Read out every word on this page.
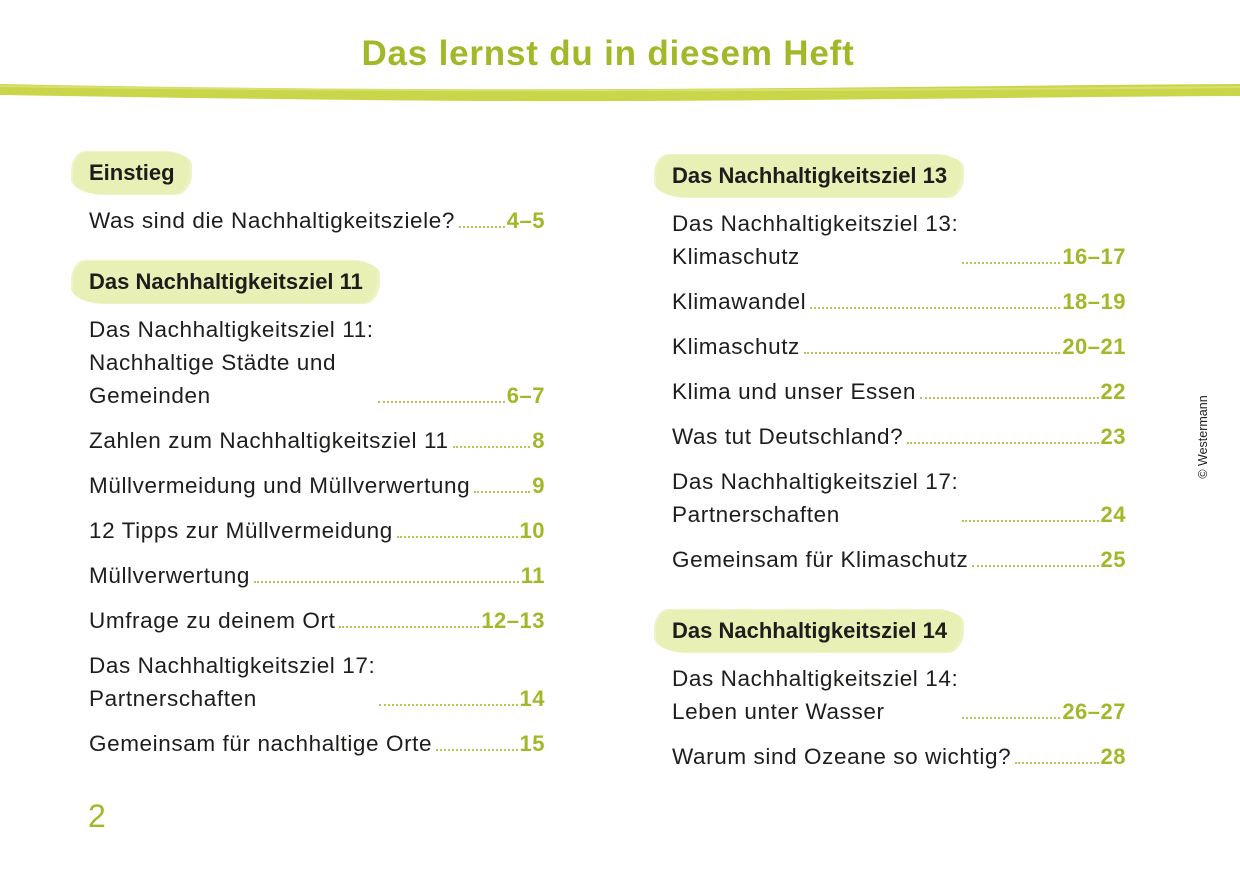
Das lernst du in diesem Heft
© Westermann
Einstieg
Was sind die Nachhaltigkeitsziele? 4–5
Das Nachhaltigkeitsziel 11
Das Nachhaltigkeitsziel 11:
Nachhaltige Städte und
Gemeinden	6–7
Zahlen zum Nachhaltigkeitsziel 11	8
Müllvermeidung und Müllverwertung	9
12 Tipps zur Müllvermeidung	10
Müllverwertung	11
Umfrage zu deinem Ort	12–13
Das Nachhaltigkeitsziel 17:
Partnerschaften	14
Gemeinsam für nachhaltige Orte	15
Das Nachhaltigkeitsziel 13
Das Nachhaltigkeitsziel 13:
Klimaschutz	16–17
Klimawandel	18–19
Klimaschutz	20–21
Klima und unser Essen	22
Was tut Deutschland?	23
Das Nachhaltigkeitsziel 17:
Partnerschaften	24
Gemeinsam für Klimaschutz	25
Das Nachhaltigkeitsziel 14
Das Nachhaltigkeitsziel 14:
Leben unter Wasser	26–27
Warum sind Ozeane so wichtig?	28
2
